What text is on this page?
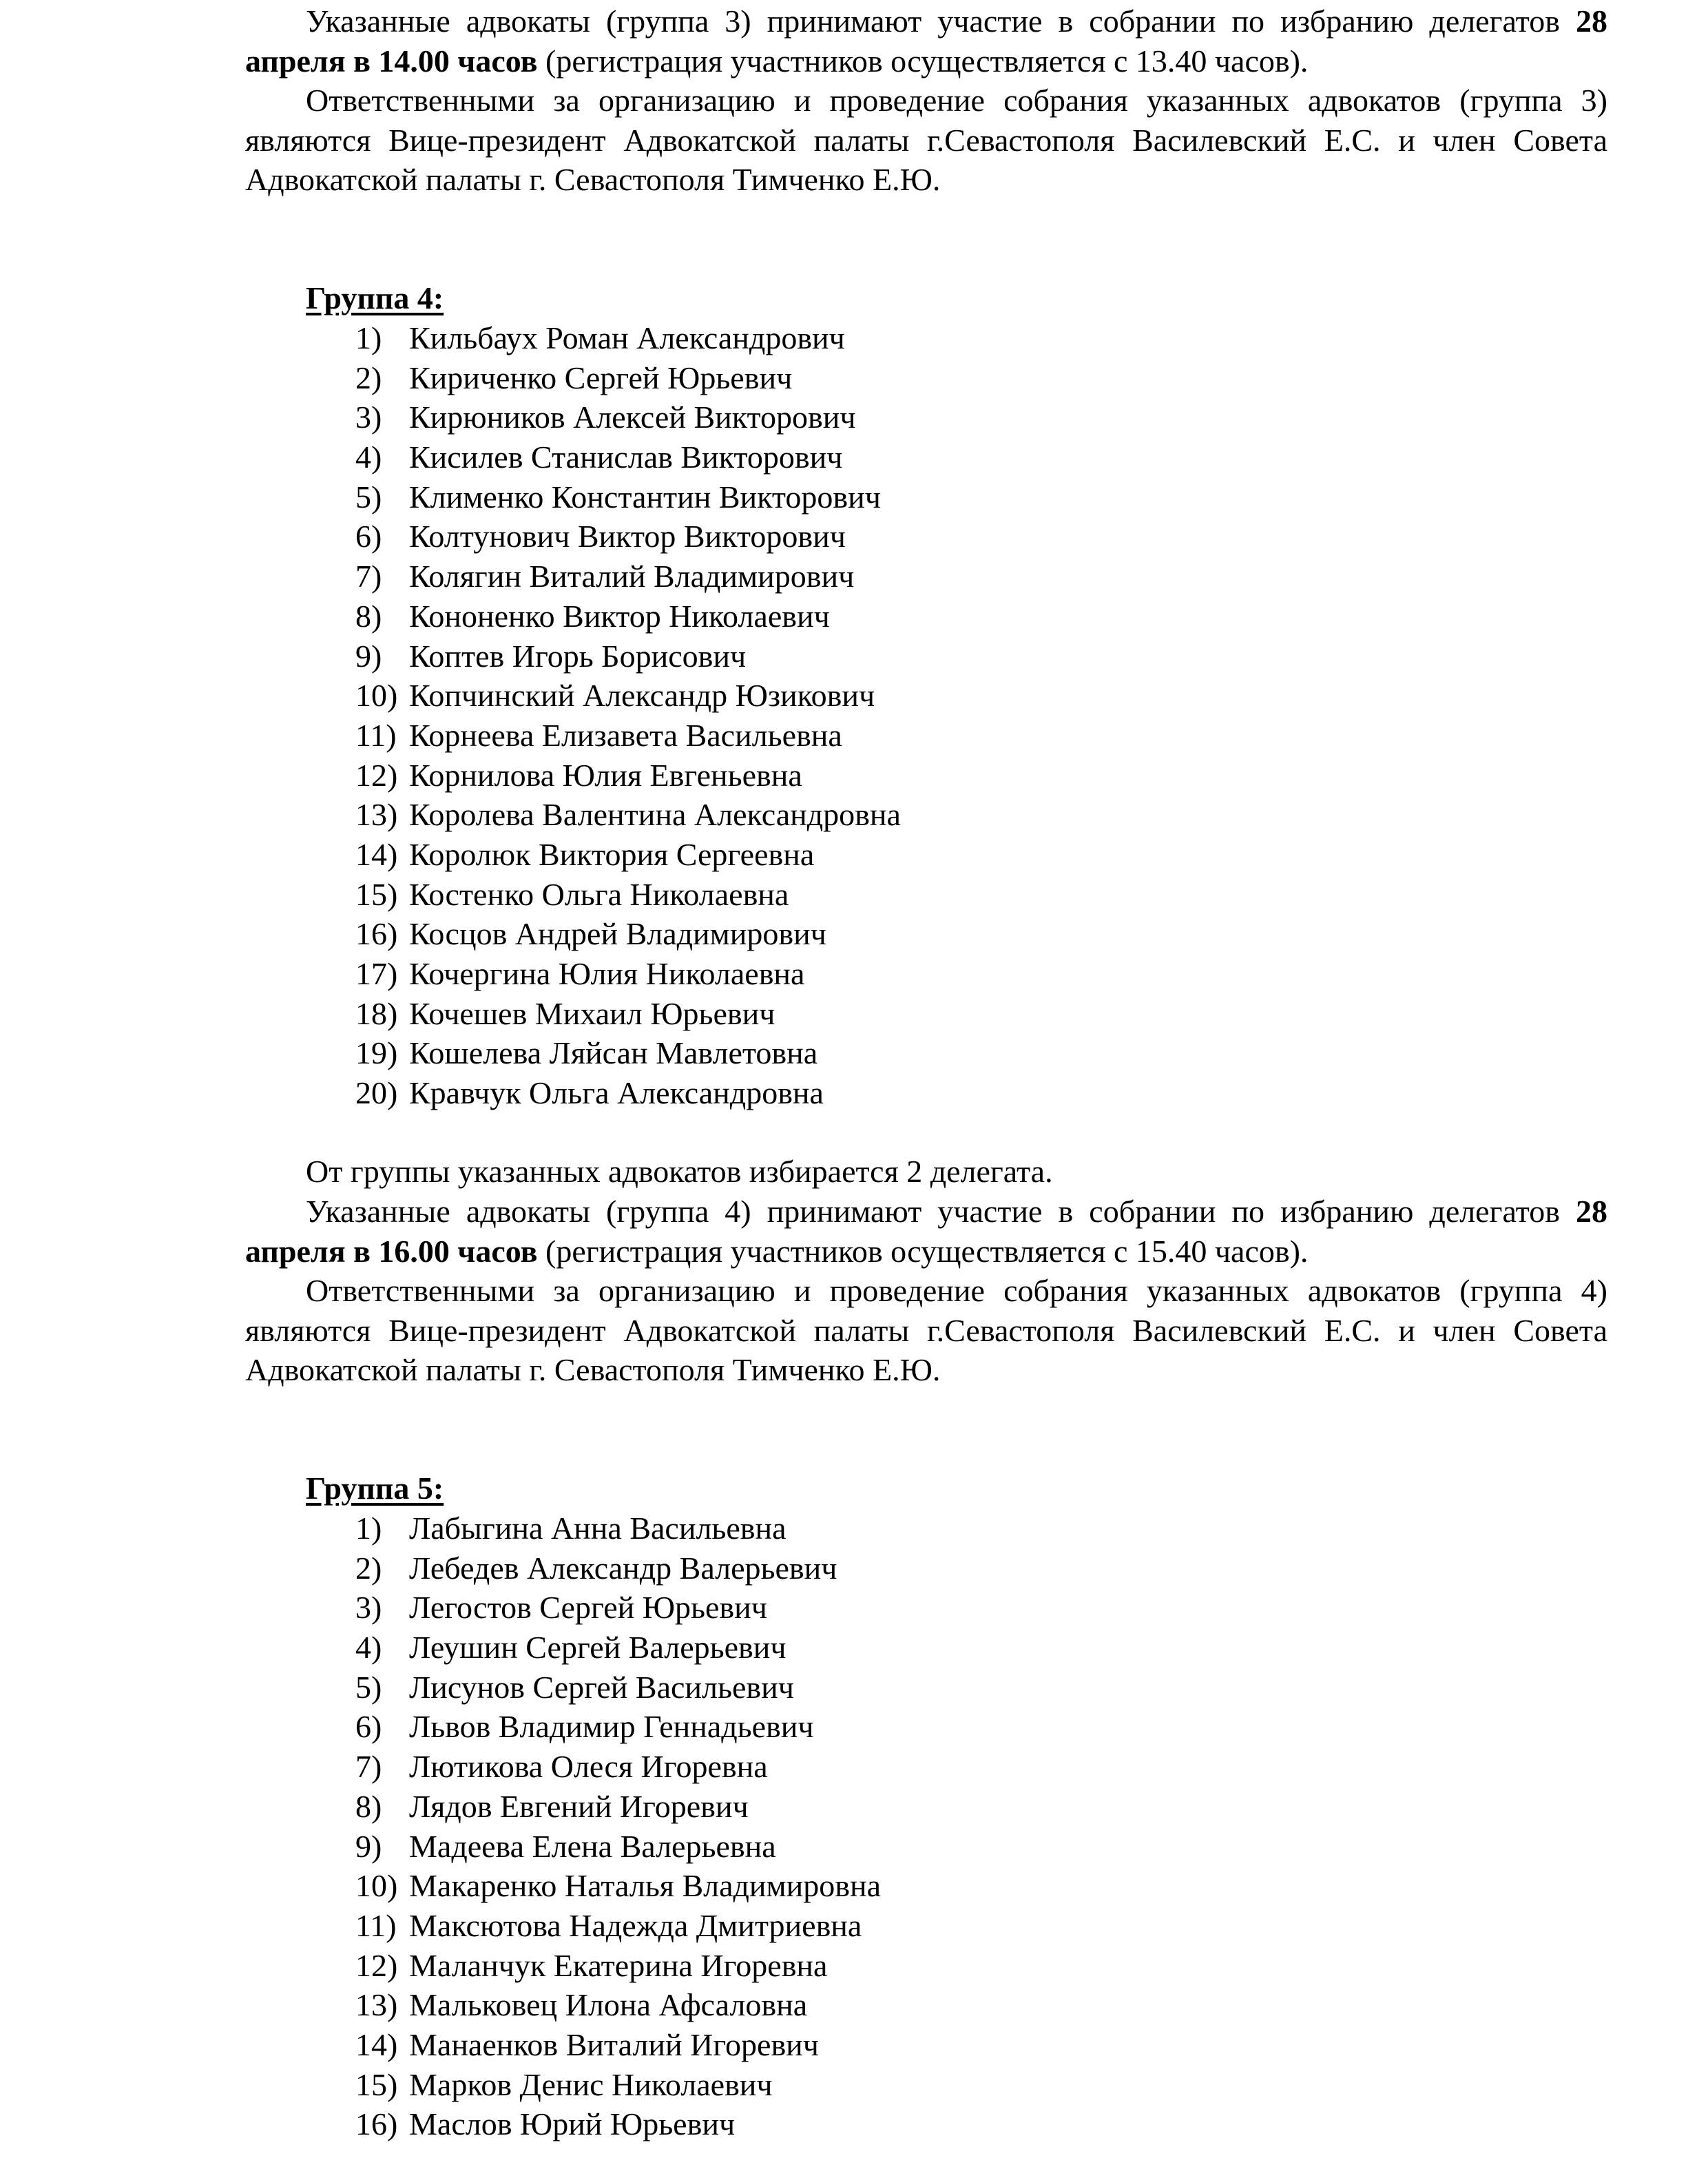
Указанные адвокаты (группа 3) принимают участие в собрании по избранию делегатов 28 апреля в 14.00 часов (регистрация участников осуществляется с 13.40 часов).

Ответственными за организацию и проведение собрания указанных адвокатов (группа 3) являются Вице-президент Адвокатской палаты г.Севастополя Василевский Е.С. и член Совета Адвокатской палаты г. Севастополя Тимченко Е.Ю.

Группа 4:
1) Кильбаух Роман Александрович
2) Кириченко Сергей Юрьевич
3) Кирюников Алексей Викторович
4) Кисилев Станислав Викторович
5) Клименко Константин Викторович
6) Колтунович Виктор Викторович
7) Колягин Виталий Владимирович
8) Кононенко Виктор Николаевич
9) Коптев Игорь Борисович
10) Копчинский Александр Юзикович
11) Корнеева Елизавета Васильевна
12) Корнилова Юлия Евгеньевна
13) Королева Валентина Александровна
14) Королюк Виктория Сергеевна
15) Костенко Ольга Николаевна
16) Косцов Андрей Владимирович
17) Кочергина Юлия Николаевна
18) Кочешев Михаил Юрьевич
19) Кошелева Ляйсан Мавлетовна
20) Кравчук Ольга Александровна

От группы указанных адвокатов избирается 2 делегата.

Указанные адвокаты (группа 4) принимают участие в собрании по избранию делегатов 28 апреля в 16.00 часов (регистрация участников осуществляется с 15.40 часов).

Ответственными за организацию и проведение собрания указанных адвокатов (группа 4) являются Вице-президент Адвокатской палаты г.Севастополя Василевский Е.С. и член Совета Адвокатской палаты г. Севастополя Тимченко Е.Ю.

Группа 5:
1) Лабыгина Анна Васильевна
2) Лебедев Александр Валерьевич
3) Легостов Сергей Юрьевич
4) Леушин Сергей Валерьевич
5) Лисунов Сергей Васильевич
6) Львов Владимир Геннадьевич
7) Лютикова Олеся Игоревна
8) Лядов Евгений Игоревич
9) Мадеева Елена Валерьевна
10) Макаренко Наталья Владимировна
11) Максютова Надежда Дмитриевна
12) Маланчук Екатерина Игоревна
13) Мальковец Илона Афсаловна
14) Манаенков Виталий Игоревич
15) Марков Денис Николаевич
16) Маслов Юрий Юрьевич
